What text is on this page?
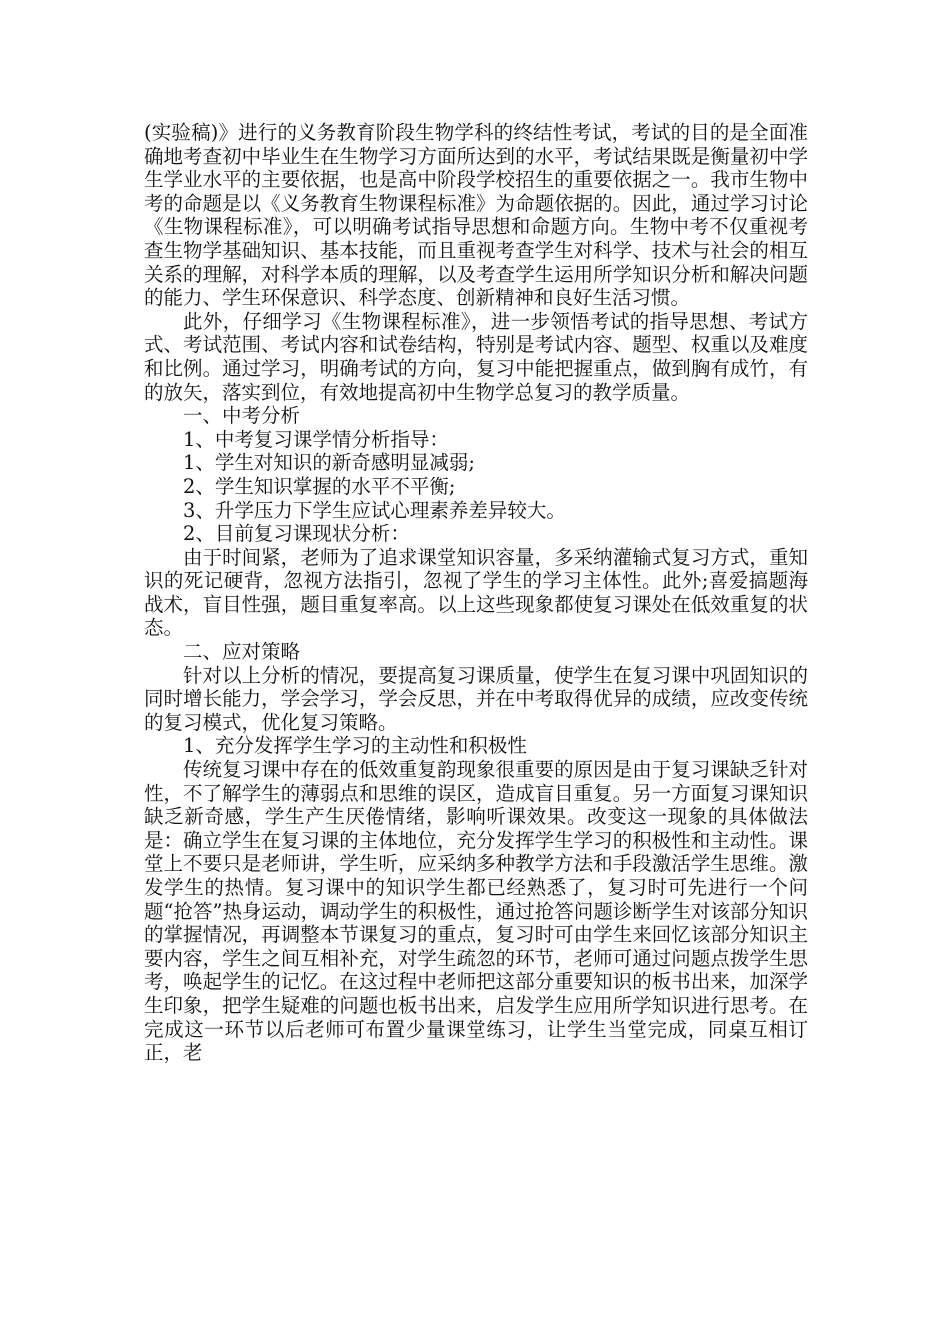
(实验稿)》进行的义务教育阶段生物学科的终结性考试，考试的目的是全面准确地考查初中毕业生在生物学习方面所达到的水平，考试结果既是衡量初中学生学业水平的主要依据，也是高中阶段学校招生的重要依据之一。我市生物中考的命题是以《义务教育生物课程标准》为命题依据的。因此，通过学习讨论《生物课程标准》，可以明确考试指导思想和命题方向。生物中考不仅重视考查生物学基础知识、基本技能，而且重视考查学生对科学、技术与社会的相互关系的理解，对科学本质的理解，以及考查学生运用所学知识分析和解决问题的能力、学生环保意识、科学态度、创新精神和良好生活习惯。

此外，仔细学习《生物课程标准》，进一步领悟考试的指导思想、考试方式、考试范围、考试内容和试卷结构，特别是考试内容、题型、权重以及难度和比例。通过学习，明确考试的方向，复习中能把握重点，做到胸有成竹，有的放矢，落实到位，有效地提高初中生物学总复习的教学质量。

一、中考分析

1、中考复习课学情分析指导：

1、学生对知识的新奇感明显减弱;

2、学生知识掌握的水平不平衡;

3、升学压力下学生应试心理素养差异较大。

2、目前复习课现状分析：

由于时间紧，老师为了追求课堂知识容量，多采纳灌输式复习方式，重知识的死记硬背，忽视方法指引，忽视了学生的学习主体性。此外;喜爱搞题海战术，盲目性强，题目重复率高。以上这些现象都使复习课处在低效重复的状态。

二、应对策略

针对以上分析的情况，要提高复习课质量，使学生在复习课中巩固知识的同时增长能力，学会学习，学会反思，并在中考取得优异的成绩，应改变传统的复习模式，优化复习策略。

1、充分发挥学生学习的主动性和积极性

传统复习课中存在的低效重复韵现象很重要的原因是由于复习课缺乏针对性，不了解学生的薄弱点和思维的误区，造成盲目重复。另一方面复习课知识缺乏新奇感，学生产生厌倦情绪，影响听课效果。改变这一现象的具体做法是：确立学生在复习课的主体地位，充分发挥学生学习的积极性和主动性。课堂上不要只是老师讲，学生听，应采纳多种教学方法和手段激活学生思维。激发学生的热情。复习课中的知识学生都已经熟悉了，复习时可先进行一个问题“抢答”热身运动，调动学生的积极性，通过抢答问题诊断学生对该部分知识的掌握情况，再调整本节课复习的重点，复习时可由学生来回忆该部分知识主要内容，学生之间互相补充，对学生疏忽的环节，老师可通过问题点拨学生思考，唤起学生的记忆。在这过程中老师把这部分重要知识的板书出来，加深学生印象，把学生疑难的问题也板书出来，启发学生应用所学知识进行思考。在完成这一环节以后老师可布置少量课堂练习，让学生当堂完成，同桌互相订正，老
